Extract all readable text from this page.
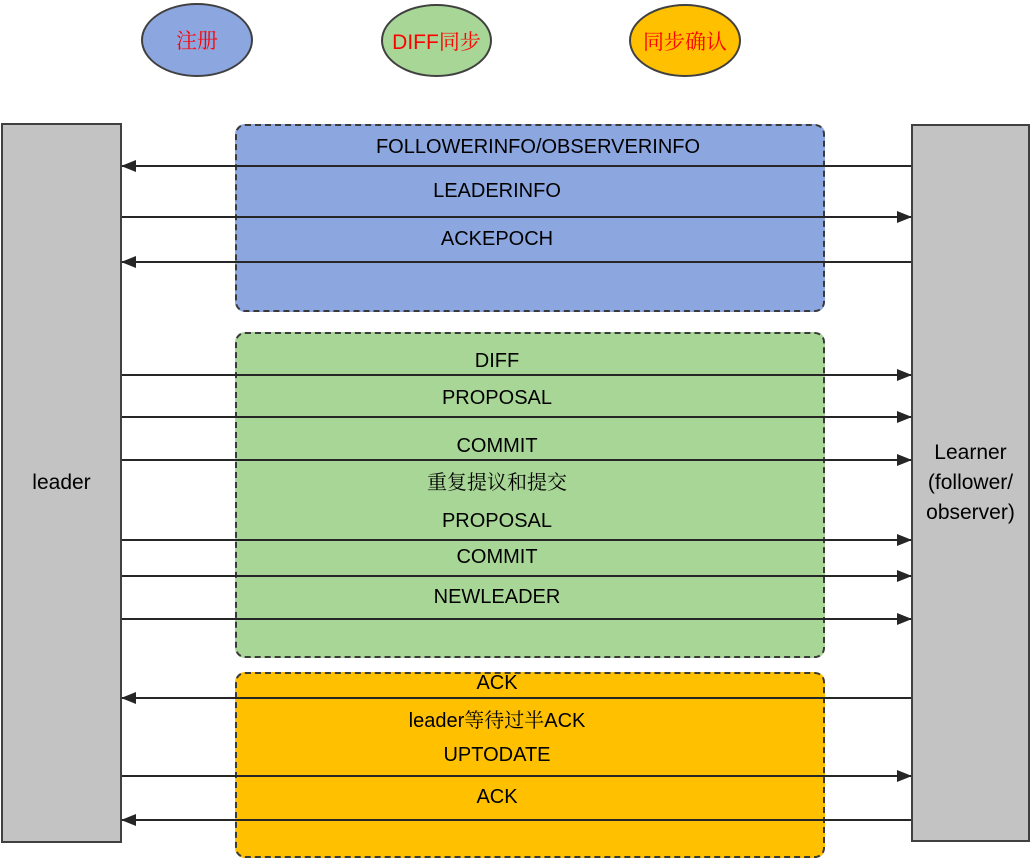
注册	DIFF同步	同步确认
leader
Learner
(follower/
observer)
FOLLOWERINFO/OBSERVERINFO
LEADERINFO
ACKEPOCH
DIFF
PROPOSAL
COMMIT
重复提议和提交
PROPOSAL
COMMIT
NEWLEADER
ACK
leader等待过半ACK
UPTODATE
ACK
